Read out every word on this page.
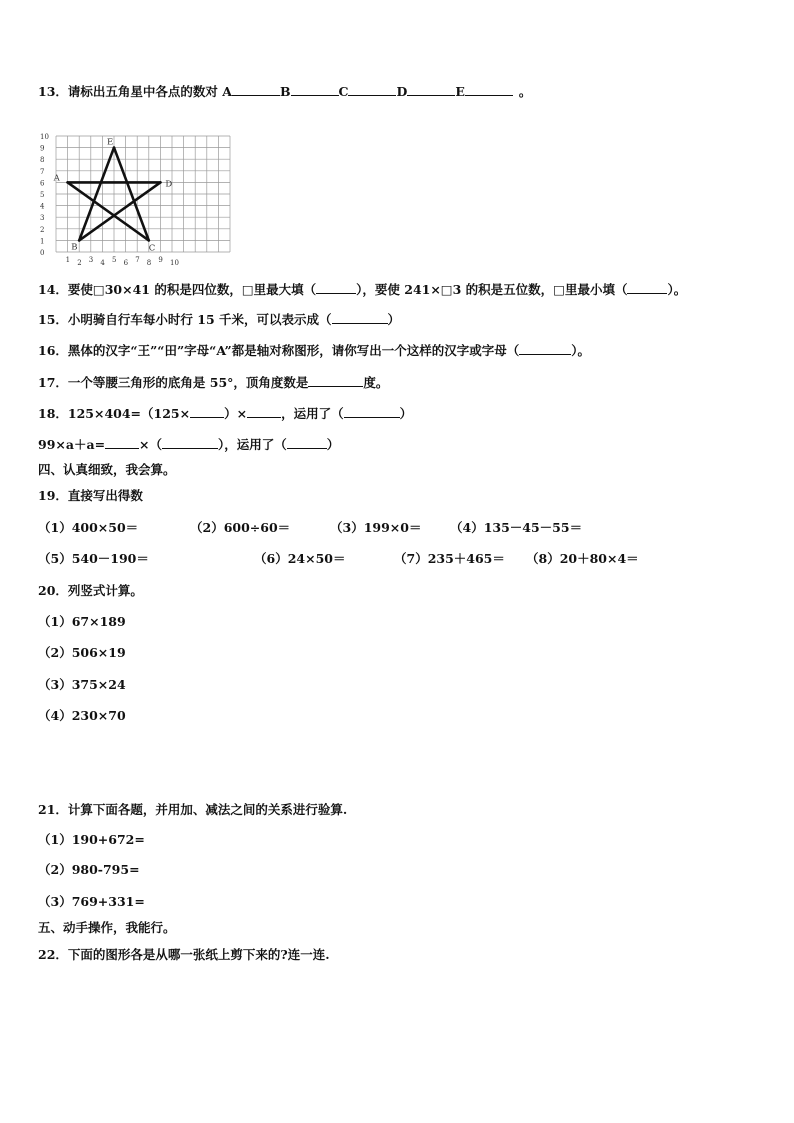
13．请标出五角星中各点的数对 A	B	C	D	E	。
0
1
2
3
4
5
6
7
8
9
10
1 2 3 4 5 6 7 8 9 10
A
B	C
D
E
14．要使□30×41 的积是四位数，□里最大填（	），要使 241×□3 的积是五位数，□里最小填（	）。
15．小明骑自行车每小时行 15 千米，可以表示成（	）
16．黑体的汉字“王”“田”字母“A”都是轴对称图形，请你写出一个这样的汉字或字母（	）。
17．一个等腰三角形的底角是 55°，顶角度数是	度。
18．125×404=（125×	）×	，运用了（	）
99×a＋a=	×（	），运用了（	）
四、认真细致，我会算。
19．直接写出得数
（1）400×50＝	（2）600÷60＝	（3）199×0＝ （4）135－45－55＝
（5）540－190＝	（6）24×50＝	（7）235＋465＝ （8）20＋80×4＝
20．列竖式计算。
（1）67×189
（2）506×19
（3）375×24
（4）230×70
21．计算下面各题，并用加、减法之间的关系进行验算.
（1）190+672=
（2）980-795=
（3）769+331=
五、动手操作，我能行。
22．下面的图形各是从哪一张纸上剪下来的?连一连.
